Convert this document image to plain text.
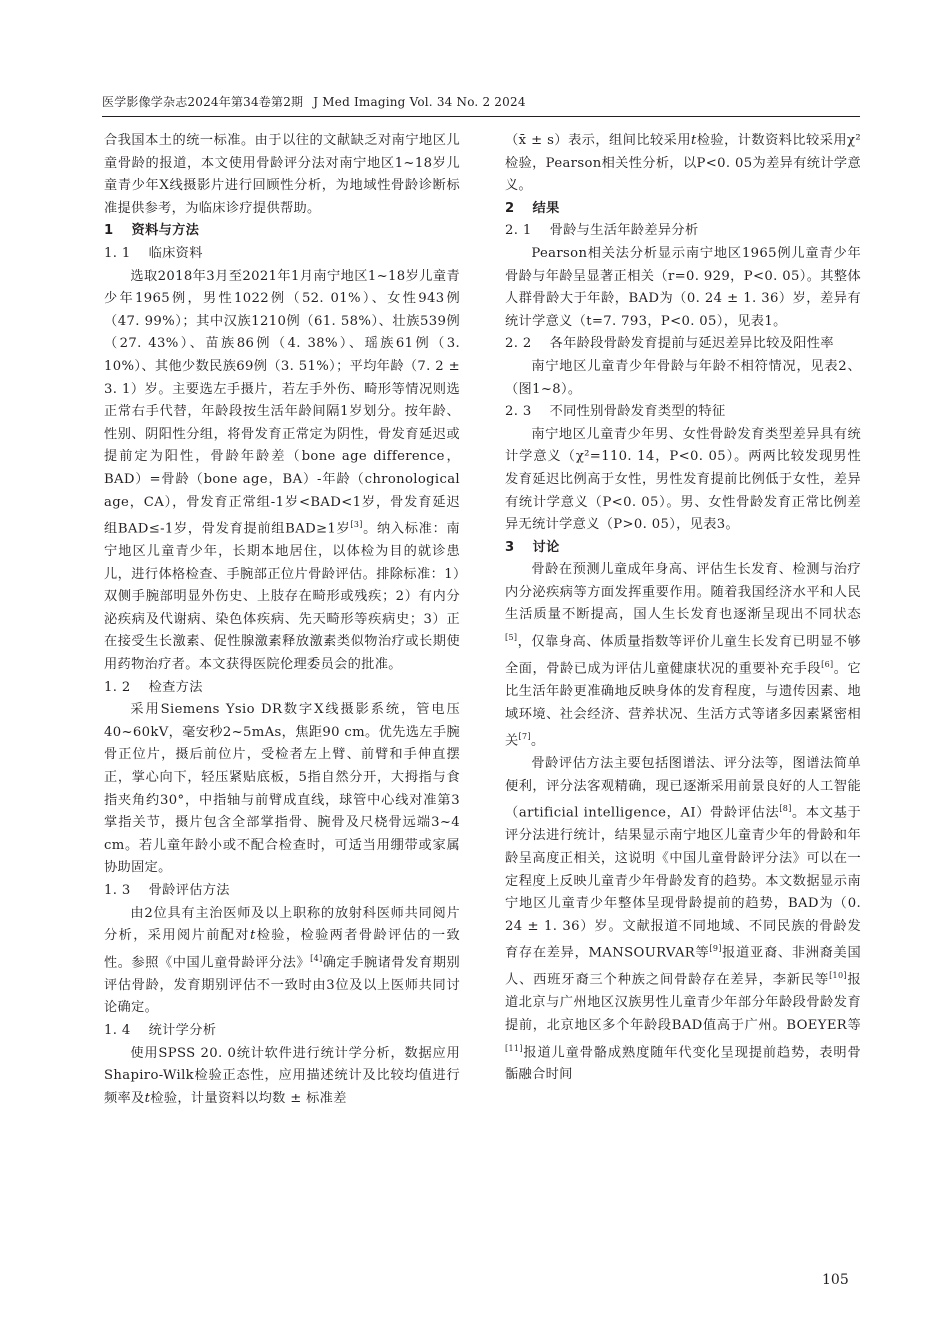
医学影像学杂志2024年第34卷第2期 J Med Imaging Vol. 34 No. 2 2024

合我国本土的统一标准。由于以往的文献缺乏对南宁地区儿童骨龄的报道，本文使用骨龄评分法对南宁地区1~18岁儿童青少年X线摄影片进行回顾性分析，为地域性骨龄诊断标准提供参考，为临床诊疗提供帮助。

1 资料与方法

1. 1 临床资料

选取2018年3月至2021年1月南宁地区1~18岁儿童青少年1965例，男性1022例（52. 01%）、女性943例（47. 99%）；其中汉族1210例（61. 58%）、壮族539例（27. 43%）、苗族86例（4. 38%）、瑶族61例（3. 10%）、其他少数民族69例（3. 51%）；平均年龄（7. 2 ± 3. 1）岁。主要选左手摄片，若左手外伤、畸形等情况则选正常右手代替，年龄段按生活年龄间隔1岁划分。按年龄、性别、阴阳性分组，将骨发育正常定为阴性，骨发育延迟或提前定为阳性，骨龄年龄差（bone age difference，BAD）=骨龄（bone age，BA）-年龄（chronological age，CA），骨发育正常组-1岁<BAD<1岁，骨发育延迟组BAD≤-1岁，骨发育提前组BAD≥1岁[3]。纳入标准：南宁地区儿童青少年，长期本地居住，以体检为目的就诊患儿，进行体格检查、手腕部正位片骨龄评估。排除标准：1）双侧手腕部明显外伤史、上肢存在畸形或残疾；2）有内分泌疾病及代谢病、染色体疾病、先天畸形等疾病史；3）正在接受生长激素、促性腺激素释放激素类似物治疗或长期使用药物治疗者。本文获得医院伦理委员会的批准。

1. 2 检查方法

采用Siemens Ysio DR数字X线摄影系统，管电压40~60kV，毫安秒2~5mAs，焦距90 cm。优先选左手腕骨正位片，摄后前位片，受检者左上臂、前臂和手伸直摆正，掌心向下，轻压紧贴底板，5指自然分开，大拇指与食指夹角约30°，中指轴与前臂成直线，球管中心线对准第3掌指关节，摄片包含全部掌指骨、腕骨及尺桡骨远端3~4 cm。若儿童年龄小或不配合检查时，可适当用绷带或家属协助固定。

1. 3 骨龄评估方法

由2位具有主治医师及以上职称的放射科医师共同阅片分析，采用阅片前配对t检验，检验两者骨龄评估的一致性。参照《中国儿童骨龄评分法》[4]确定手腕诸骨发育期别评估骨龄，发育期别评估不一致时由3位及以上医师共同讨论确定。

1. 4 统计学分析

使用SPSS 20. 0统计软件进行统计学分析，数据应用Shapiro-Wilk检验正态性，应用描述统计及比较均值进行频率及t检验，计量资料以均数 ± 标准差

（x̄ ± s）表示，组间比较采用t检验，计数资料比较采用χ²检验，Pearson相关性分析，以P<0. 05为差异有统计学意义。

2 结果

2. 1 骨龄与生活年龄差异分析

Pearson相关法分析显示南宁地区1965例儿童青少年骨龄与年龄呈显著正相关（r=0. 929，P<0. 05）。其整体人群骨龄大于年龄，BAD为（0. 24 ± 1. 36）岁，差异有统计学意义（t=7. 793，P<0. 05），见表1。

2. 2 各年龄段骨龄发育提前与延迟差异比较及阳性率

南宁地区儿童青少年骨龄与年龄不相符情况，见表2、（图1~8）。

2. 3 不同性别骨龄发育类型的特征

南宁地区儿童青少年男、女性骨龄发育类型差异具有统计学意义（χ²=110. 14，P<0. 05）。两两比较发现男性发育延迟比例高于女性，男性发育提前比例低于女性，差异有统计学意义（P<0. 05）。男、女性骨龄发育正常比例差异无统计学意义（P>0. 05），见表3。

3 讨论

骨龄在预测儿童成年身高、评估生长发育、检测与治疗内分泌疾病等方面发挥重要作用。随着我国经济水平和人民生活质量不断提高，国人生长发育也逐渐呈现出不同状态[5]，仅靠身高、体质量指数等评价儿童生长发育已明显不够全面，骨龄已成为评估儿童健康状况的重要补充手段[6]。它比生活年龄更准确地反映身体的发育程度，与遗传因素、地域环境、社会经济、营养状况、生活方式等诸多因素紧密相关[7]。

骨龄评估方法主要包括图谱法、评分法等，图谱法简单便利，评分法客观精确，现已逐渐采用前景良好的人工智能（artificial intelligence，AI）骨龄评估法[8]。本文基于评分法进行统计，结果显示南宁地区儿童青少年的骨龄和年龄呈高度正相关，这说明《中国儿童骨龄评分法》可以在一定程度上反映儿童青少年骨龄发育的趋势。本文数据显示南宁地区儿童青少年整体呈现骨龄提前的趋势，BAD为（0. 24 ± 1. 36）岁。文献报道不同地域、不同民族的骨龄发育存在差异，MANSOURVAR等[9]报道亚裔、非洲裔美国人、西班牙裔三个种族之间骨龄存在差异，李新民等[10]报道北京与广州地区汉族男性儿童青少年部分年龄段骨龄发育提前，北京地区多个年龄段BAD值高于广州。BOEYER等[11]报道儿童骨骼成熟度随年代变化呈现提前趋势，表明骨骺融合时间

105
